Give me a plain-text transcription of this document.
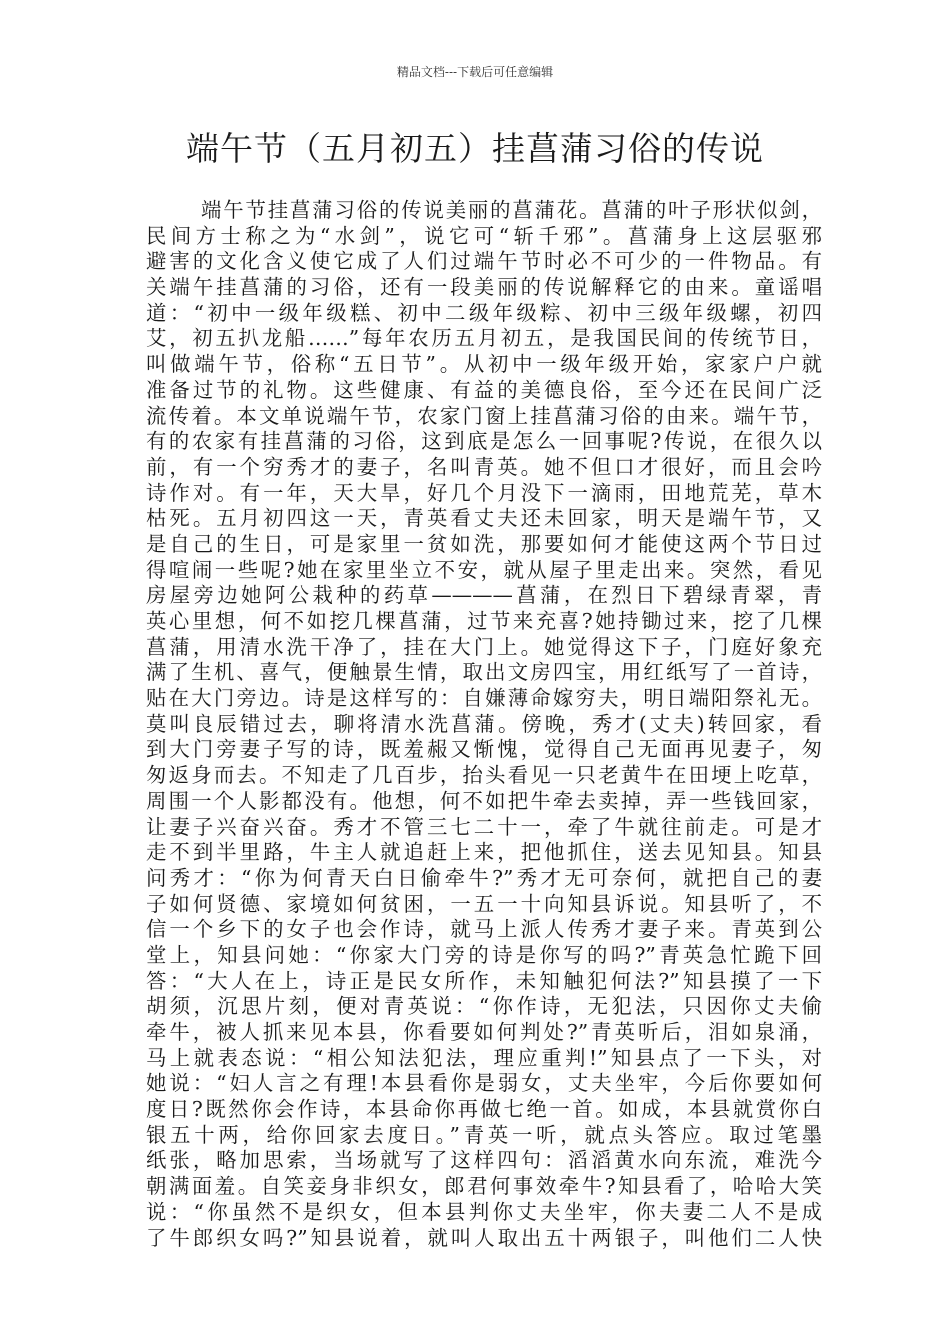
精品文档---下载后可任意编辑

端午节（五月初五）挂菖蒲习俗的传说

端午节挂菖蒲习俗的传说美丽的菖蒲花。菖蒲的叶子形状似剑，

民间方士称之为“水剑”，说它可“斩千邪”。菖蒲身上这层驱邪

避害的文化含义使它成了人们过端午节时必不可少的一件物品。有

关端午挂菖蒲的习俗，还有一段美丽的传说解释它的由来。童谣唱

道：“初中一级年级糕、初中二级年级粽、初中三级年级螺，初四

艾，初五扒龙船……”每年农历五月初五，是我国民间的传统节日，

叫做端午节，俗称“五日节”。从初中一级年级开始，家家户户就

准备过节的礼物。这些健康、有益的美德良俗，至今还在民间广泛

流传着。本文单说端午节，农家门窗上挂菖蒲习俗的由来。端午节，

有的农家有挂菖蒲的习俗，这到底是怎么一回事呢?传说，在很久以

前，有一个穷秀才的妻子，名叫青英。她不但口才很好，而且会吟

诗作对。有一年，天大旱，好几个月没下一滴雨，田地荒芜，草木

枯死。五月初四这一天，青英看丈夫还未回家，明天是端午节，又

是自己的生日，可是家里一贫如洗，那要如何才能使这两个节日过

得喧闹一些呢?她在家里坐立不安，就从屋子里走出来。突然，看见

房屋旁边她阿公栽种的药草————菖蒲，在烈日下碧绿青翠，青

英心里想，何不如挖几棵菖蒲，过节来充喜?她持锄过来，挖了几棵

菖蒲，用清水洗干净了，挂在大门上。她觉得这下子，门庭好象充

满了生机、喜气，便触景生情，取出文房四宝，用红纸写了一首诗，

贴在大门旁边。诗是这样写的：自嫌薄命嫁穷夫，明日端阳祭礼无。

莫叫良辰错过去，聊将清水洗菖蒲。傍晚，秀才(丈夫)转回家，看

到大门旁妻子写的诗，既羞赧又惭愧，觉得自己无面再见妻子，匆

匆返身而去。不知走了几百步，抬头看见一只老黄牛在田埂上吃草，

周围一个人影都没有。他想，何不如把牛牵去卖掉，弄一些钱回家，

让妻子兴奋兴奋。秀才不管三七二十一，牵了牛就往前走。可是才

走不到半里路，牛主人就追赶上来，把他抓住，送去见知县。知县

问秀才：“你为何青天白日偷牵牛?”秀才无可奈何，就把自己的妻

子如何贤德、家境如何贫困，一五一十向知县诉说。知县听了，不

信一个乡下的女子也会作诗，就马上派人传秀才妻子来。青英到公

堂上，知县问她：“你家大门旁的诗是你写的吗?”青英急忙跪下回

答：“大人在上，诗正是民女所作，未知触犯何法?”知县摸了一下

胡须，沉思片刻，便对青英说：“你作诗，无犯法，只因你丈夫偷

牵牛，被人抓来见本县，你看要如何判处?”青英听后，泪如泉涌，

马上就表态说：“相公知法犯法，理应重判!”知县点了一下头，对

她说：“妇人言之有理!本县看你是弱女，丈夫坐牢，今后你要如何

度日?既然你会作诗，本县命你再做七绝一首。如成，本县就赏你白

银五十两，给你回家去度日。”青英一听，就点头答应。取过笔墨

纸张，略加思索，当场就写了这样四句：滔滔黄水向东流，难洗今

朝满面羞。自笑妾身非织女，郎君何事效牵牛?知县看了，哈哈大笑

说：“你虽然不是织女，但本县判你丈夫坐牢，你夫妻二人不是成

了牛郎织女吗?”知县说着，就叫人取出五十两银子，叫他们二人快
